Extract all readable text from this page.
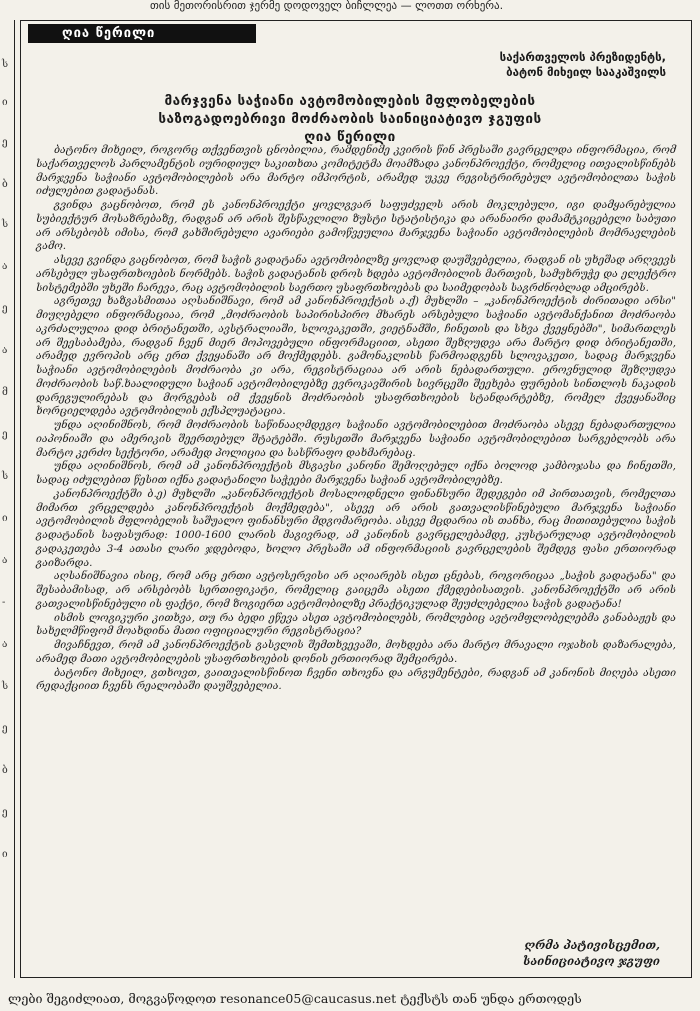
თის მეთორისრით ჯერმე დოდოველ ბიჩლლეა — ლოთთ ორხერა.
ს
ი
ე
ბ
ს
ა
ე
ა
მ
ე
ს
ი
ა
-
ა
ს
ე
ბ
ე
ი
ღია წერილი
საქართველოს პრეზიდენტს,
ბატონ მიხეილ სააკაშვილს
მარჯვენა საჭიანი ავტომობილების მფლობელების
საზოგადოებრივი მოძრაობის საინიციატივო ჯგუფის
ღია წერილი

ბატონო მიხეილ, როგორც თქვენთვის ცნობილია, რამდენიმე კვირის წინ პრესაში გავრცელდა ინფორმაცია, რომ საქართველოს პარლამენტის იურიდიულ საკითხთა კომიტეტმა მოამზადა კანონპროექტი, რომელიც ითვალისწინებს მარჯვენა საჭიანი ავტომობილების არა მარტო იმპორტის, არამედ უკვე რეგისტრირებულ ავტომობილთა საჭის იძულებით გადატანას.

გვინდა გაცნობოთ, რომ ეს კანონპროექტი ყოვლგვარ საფუძველს არის მოკლებული, იგი დამყარებულია სუბიექტურ მოსაზრებაზე, რადგან არ არის შესწავლილი ზუსტი სტატისტიკა და არანაირი დამამტკიცებელი საბუთი არ არსებობს იმისა, რომ გახშირებული ავარიები გამოწვეულია მარჯვენა საჭიანი ავტომობილების მომრავლების გამო.

ასევე გვინდა გაცნობოთ, რომ საჭის გადატანა ავტომობილზე ყოვლად დაუშვებელია, რადგან ის უხეშად არღვევს არსებულ უსაფრთხოების ნორმებს. საჭის გადატანის დროს ხდება ავტომობილის მართვის, სამუხრუჭე და ელექტრო სისტემებში უხეში ჩარევა, რაც ავტომობილის საერთო უსაფრთხოებას და საიმედობას საგრძნობლად ამცირებს.

აგრეთვე ხაზგასმითაა აღსანიშნავი, რომ ამ კანონპროექტის ა.ქ) მუხლში – „კანონპროექტის ძირითადი არსი" მიუღებელი ინფორმაციაა, რომ „მოძრაობის საპირისპირო მხარეს არსებული საჭიანი ავტომანქანით მოძრაობა აკრძალულია დიდ ბრიტანეთში, ავსტრალიაში, სლოვაკეთში, ვიეტნამში, ჩინეთის და სხვა ქვეყნებში", სიმართლეს არ შეესაბამება, რადგან ჩვენ მიერ მოპოვებული ინფორმაციით, ასეთი შეზღუდვა არა მარტო დიდ ბრიტანეთში, არამედ ევროპის არც ერთ ქვეყანაში არ მოქმედებს. გამონაკლისს წარმოადგენს სლოვაკეთი, სადაც მარჯვენა საჭიანი ავტომობილების მოძრაობა კი არა, რეგისტრაციაა არ არის ნებადართული. ეროვნულიდ შეზღუდვა მოძრაობის საწ.ხაალიდული საჭიან ავტომობილებზე ევროკავშირის სივრცეში შეეხება ფურების სინთლოს ნაკადის დარეგულირებას და მორგებას იმ ქვეყნის მოძრაობის უსაფრთხოების სტანდარტებზე, რომელ ქვეყანაშიც ხორციელდება ავტომობილის ექსპლუატაცია.

უნდა აღინიშნოს, რომ მოძრაობის საწინააღმდეგო საჭიანი ავტომობილებით მოძრაობა ასევე ნებადართულია იაპონიაში და ამერიკის შეერთებულ შტატებში. რუსეთში მარჯვენა საჭიანი ავტომობილებით სარგებლობს არა მარტო კერძო სექტორი, არამედ პოლიცია და სასწრაფო დახმარებაც.

უნდა აღინიშნოს, რომ ამ კანონპროექტის მსგავსი კანონი შემოღებულ იქნა ბოლოდ კამბოჯასა და ჩინეთში, სადაც იძულებით წესით იქნა გადატანილი საჭეები მარჯვენა საჭიან ავტომობილებზე.

კანონპროექტში ბ.ე) მუხლში „კანონპროექტის მოსალოდნელი ფინანსური შედეგები იმ პირთათვის, რომელთა მიმართ ვრცელდება კანონპროექტის მოქმედება", ასევე არ არის გათვალისწინებული მარჯვენა საჭიანი ავტომობილის მფლობელის საშუალო ფინანსური მდგომარეობა. ასევე მცდარია ის თანხა, რაც მითითებულია საჭის გადატანის საფასურად: 1000-1600 ლარის მაგივრად, ამ კანონის გავრცელებამდე, კუსტარულად ავტომობილის გადაკეთება 3-4 ათასი ლარი ჯდებოდა, ხოლო პრესაში ამ ინფორმაციის გავრცელების შემდეგ ფასი ერთიორად გაიზარდა.

აღსანიშნავია ისიც, რომ არც ერთი ავტოსერვისი არ აღიარებს ისეთ ცნებას, როგორიცაა „საჭის გადატანა" და შესაბამისად, არ არსებობს სერთიფიკატი, რომელიც გაიცემა ასეთი ქმედებისათვის. კანონპროექტში არ არის გათვალისწინებული ის ფაქტი, რომ ზოგიერთ ავტომობილზე პრაქტიკულად შეუძლებელია საჭის გადატანა!

ისმის ლოგიკური კითხვა, თუ რა ბედი ეწევა ასეთ ავტომობილებს, რომლებიც ავტომფლობელებმა განაბაჟეს და სახელმწიფომ მოახდინა მათი ოფიციალური რეგისტრაცია?

მივაჩნევთ, რომ ამ კანონპროექტის გასვლის შემთხვევაში, მოხდება არა მარტო მრავალი ოჯახის დაზარალება, არამედ მათი ავტომობილების უსაფრთხოების დონის ერთიორად შემცირება.

ბატონო მიხეილ, გთხოვთ, გაითვალისწინოთ ჩვენი თხოვნა და არგუმენტები, რადგან ამ კანონის მიღება ასეთი რედაქციით ჩვენს რეალობაში დაუშვებელია.

ღრმა პატივისცემით,
საინიციატივო ჯგუფი
ლები შეგიძლიათ, მოგვაწოდოთ resonance05@caucasus.net ტექსტს თან უნდა ერთოდეს
